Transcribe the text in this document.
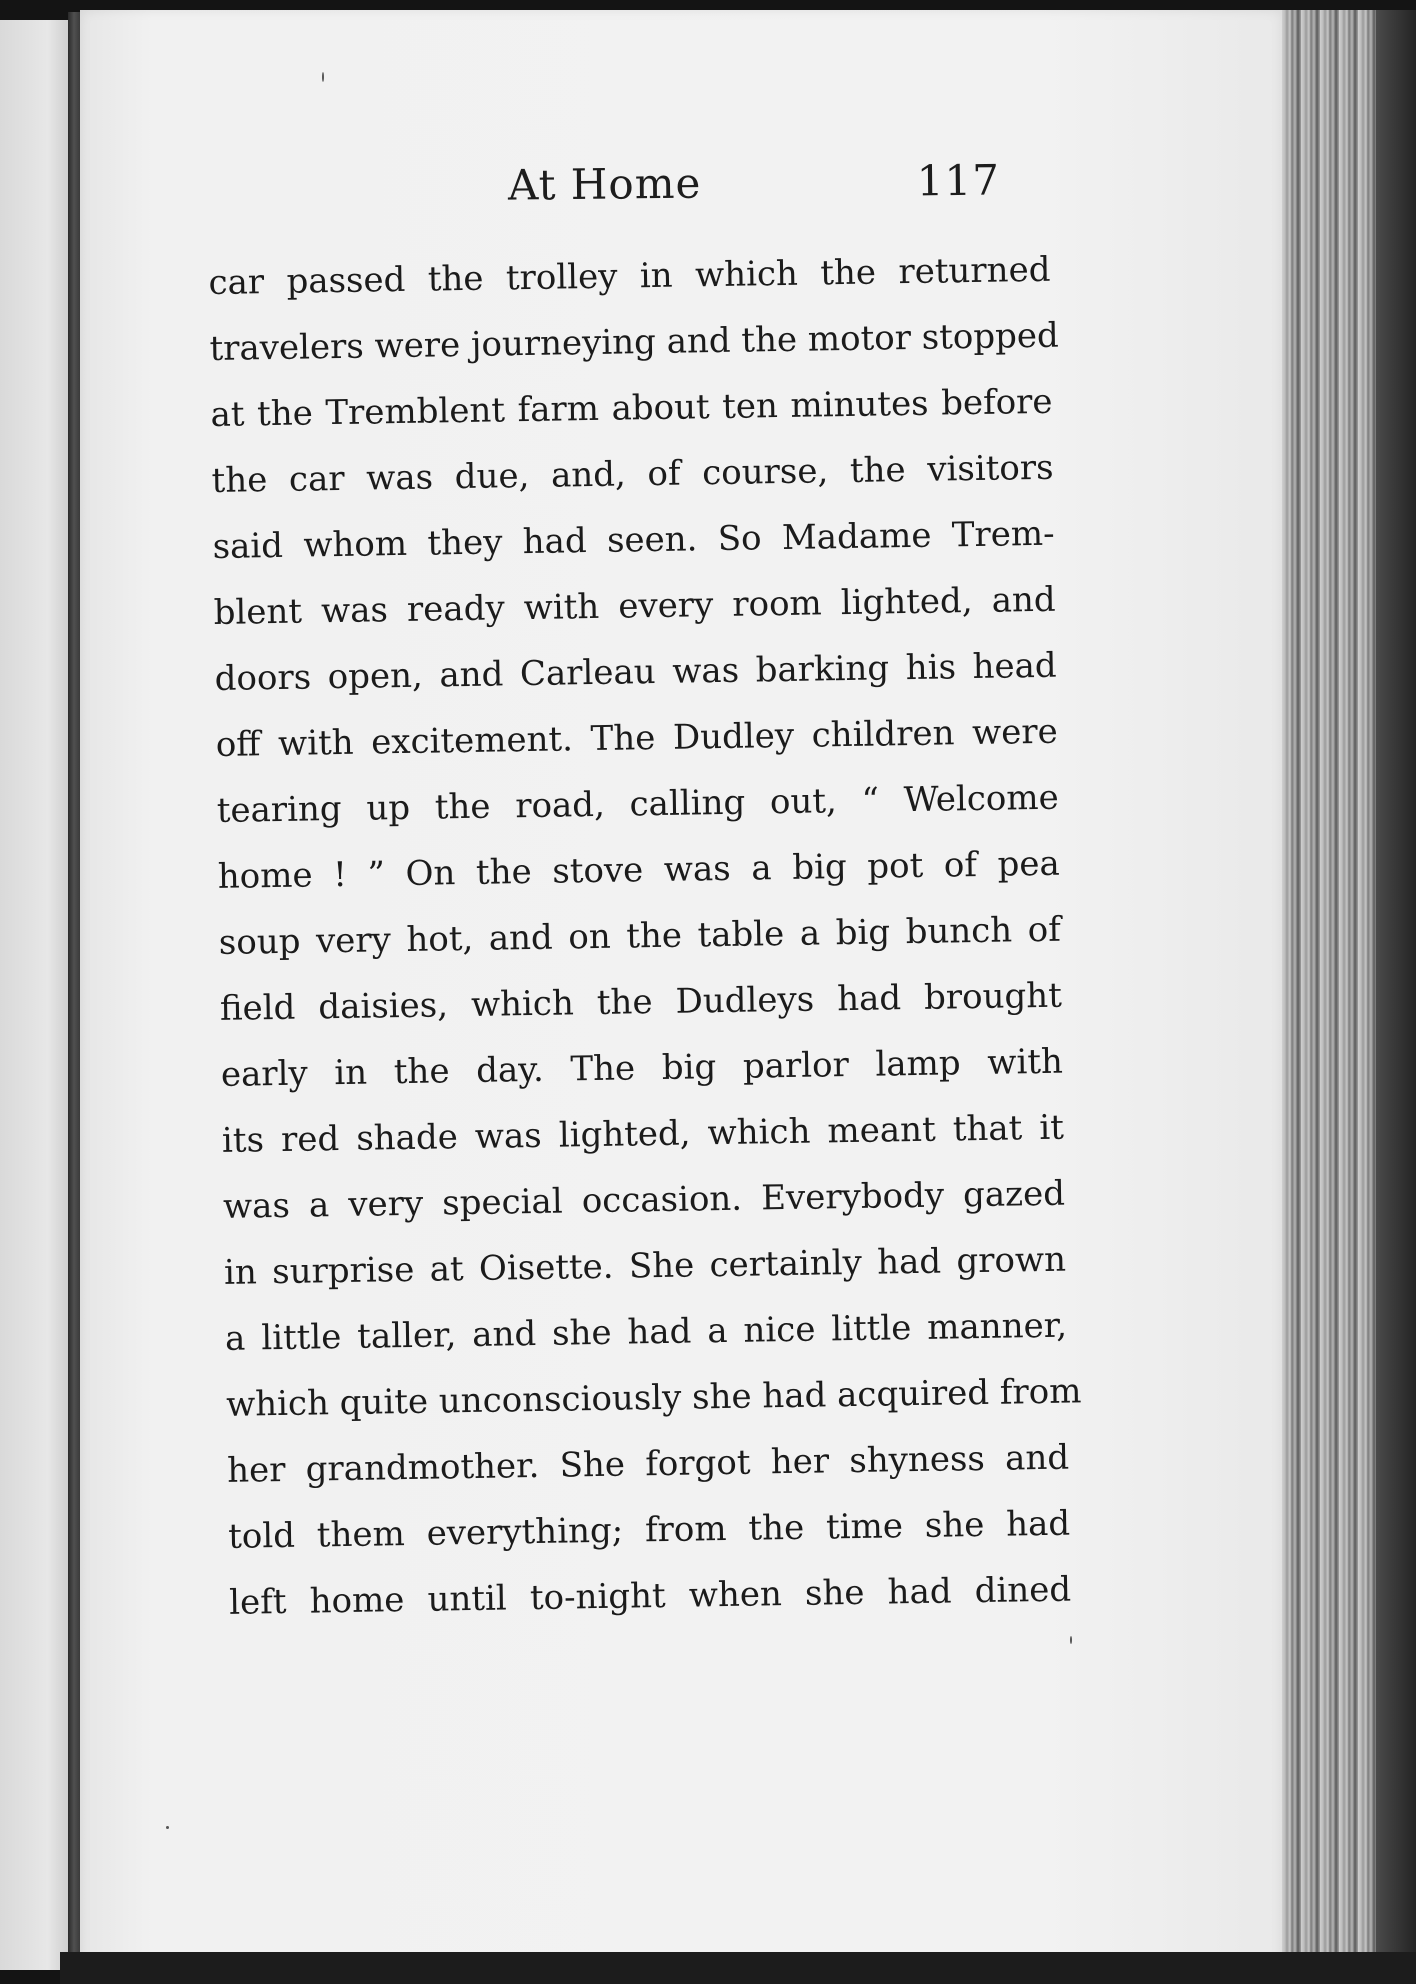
At Home	117
car passed the trolley in which the returned
travelers were journeying and the motor stopped
at the Tremblent farm about ten minutes before
the car was due, and, of course, the visitors
said whom they had seen. So Madame Trem-
blent was ready with every room lighted, and
doors open, and Carleau was barking his head
off with excitement. The Dudley children were
tearing up the road, calling out, “ Welcome
home ! ” On the stove was a big pot of pea
soup very hot, and on the table a big bunch of
field daisies, which the Dudleys had brought
early in the day. The big parlor lamp with
its red shade was lighted, which meant that it
was a very special occasion. Everybody gazed
in surprise at Oisette. She certainly had grown
a little taller, and she had a nice little manner,
which quite unconsciously she had acquired from
her grandmother. She forgot her shyness and
told them everything; from the time she had
left home until to-night when she had dined
